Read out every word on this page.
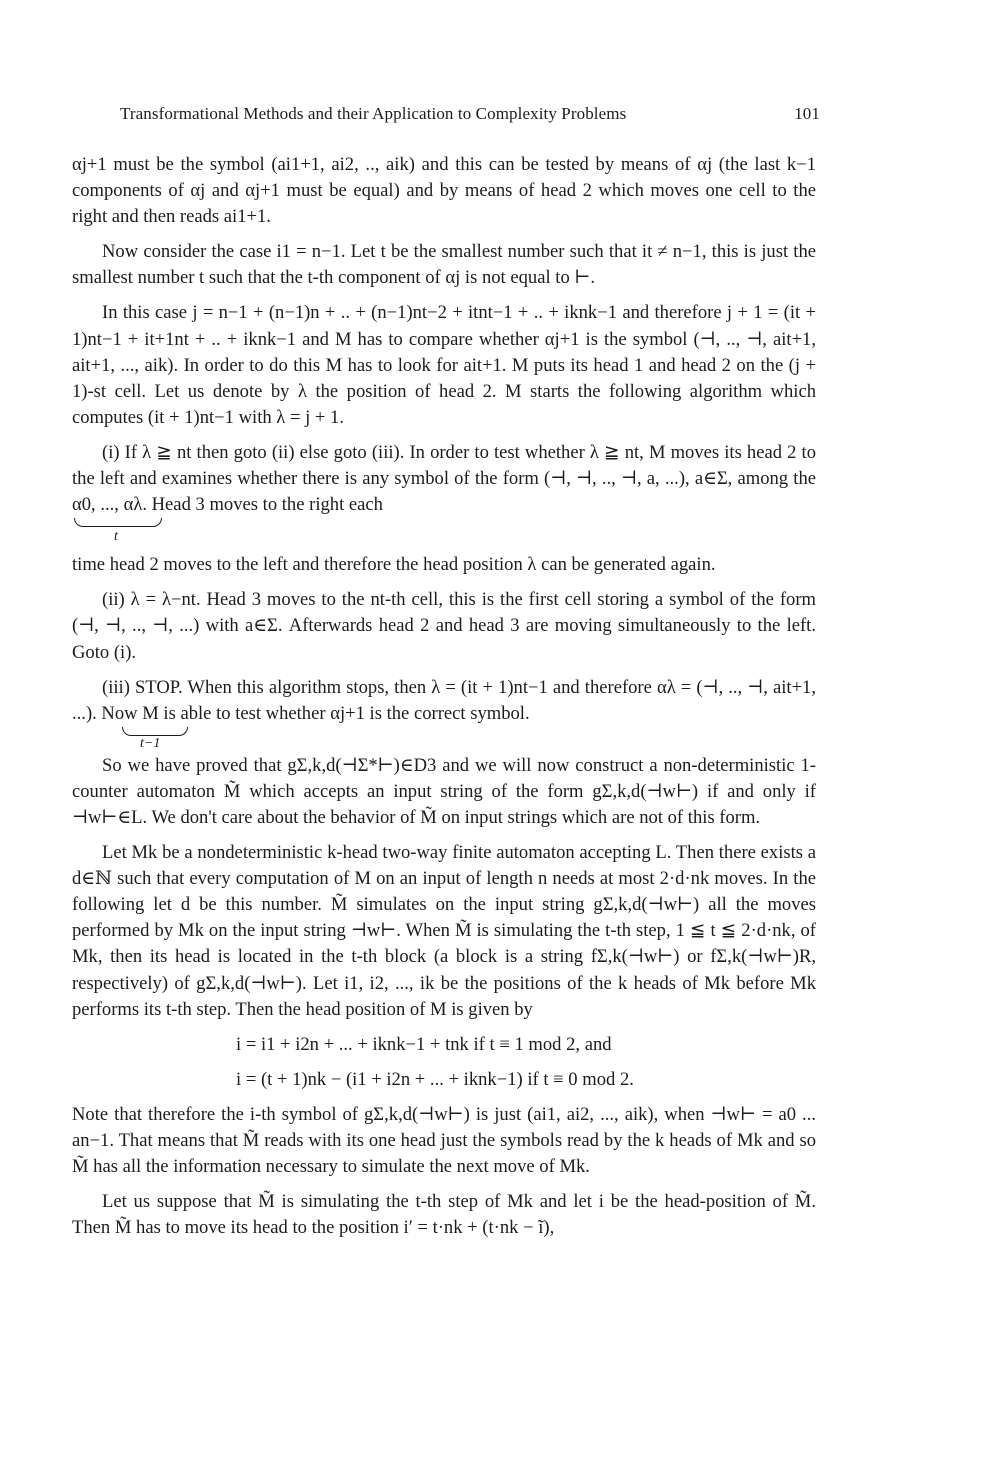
Transformational Methods and their Application to Complexity Problems	101

αj+1 must be the symbol (ai1+1, ai2, .., aik) and this can be tested by means of αj (the last k−1 components of αj and αj+1 must be equal) and by means of head 2 which moves one cell to the right and then reads ai1+1.

Now consider the case i1 = n−1. Let t be the smallest number such that it ≠ n−1, this is just the smallest number t such that the t-th component of αj is not equal to ⊢.

In this case j = n−1 + (n−1)n + .. + (n−1)nt−2 + itnt−1 + .. + iknk−1 and therefore j + 1 = (it + 1)nt−1 + it+1nt + .. + iknk−1 and M has to compare whether αj+1 is the symbol (⊣, .., ⊣, ait+1, ait+1, ..., aik). In order to do this M has to look for ait+1. M puts its head 1 and head 2 on the (j + 1)-st cell. Let us denote by λ the position of head 2. M starts the following algorithm which computes (it + 1)nt−1 with λ = j + 1.

(i) If λ ≧ nt then goto (ii) else goto (iii). In order to test whether λ ≧ nt, M moves its head 2 to the left and examines whether there is any symbol of the form (⊣, ⊣, .., ⊣, a, ...), a∈Σ, among the α0, ..., αλ. Head 3 moves to the right each

t

time head 2 moves to the left and therefore the head position λ can be generated again.

(ii) λ = λ−nt. Head 3 moves to the nt-th cell, this is the first cell storing a symbol of the form (⊣, ⊣, .., ⊣, ...) with a∈Σ. Afterwards head 2 and head 3 are moving simultaneously to the left. Goto (i).

(iii) STOP. When this algorithm stops, then λ = (it + 1)nt−1 and therefore αλ = (⊣, .., ⊣, ait+1, ...). Now M is able to test whether αj+1 is the correct symbol.

t−1

So we have proved that gΣ,k,d(⊣Σ*⊢)∈D3 and we will now construct a non-deterministic 1-counter automaton M̃ which accepts an input string of the form gΣ,k,d(⊣w⊢) if and only if ⊣w⊢∈L. We don't care about the behavior of M̃ on input strings which are not of this form.

Let Mk be a nondeterministic k-head two-way finite automaton accepting L. Then there exists a d∈ℕ such that every computation of M on an input of length n needs at most 2·d·nk moves. In the following let d be this number. M̃ simulates on the input string gΣ,k,d(⊣w⊢) all the moves performed by Mk on the input string ⊣w⊢. When M̃ is simulating the t-th step, 1 ≦ t ≦ 2·d·nk, of Mk, then its head is located in the t-th block (a block is a string fΣ,k(⊣w⊢) or fΣ,k(⊣w⊢)R, respectively) of gΣ,k,d(⊣w⊢). Let i1, i2, ..., ik be the positions of the k heads of Mk before Mk performs its t-th step. Then the head position of M is given by

i = i1 + i2n + ... + iknk−1 + tnk if t ≡ 1 mod 2, and

i = (t + 1)nk − (i1 + i2n + ... + iknk−1) if t ≡ 0 mod 2.

Note that therefore the i-th symbol of gΣ,k,d(⊣w⊢) is just (ai1, ai2, ..., aik), when ⊣w⊢ = a0 ... an−1. That means that M̃ reads with its one head just the symbols read by the k heads of Mk and so M̃ has all the information necessary to simulate the next move of Mk.

Let us suppose that M̃ is simulating the t-th step of Mk and let i be the head-position of M̃. Then M̃ has to move its head to the position i′ = t·nk + (t·nk − ĩ),
